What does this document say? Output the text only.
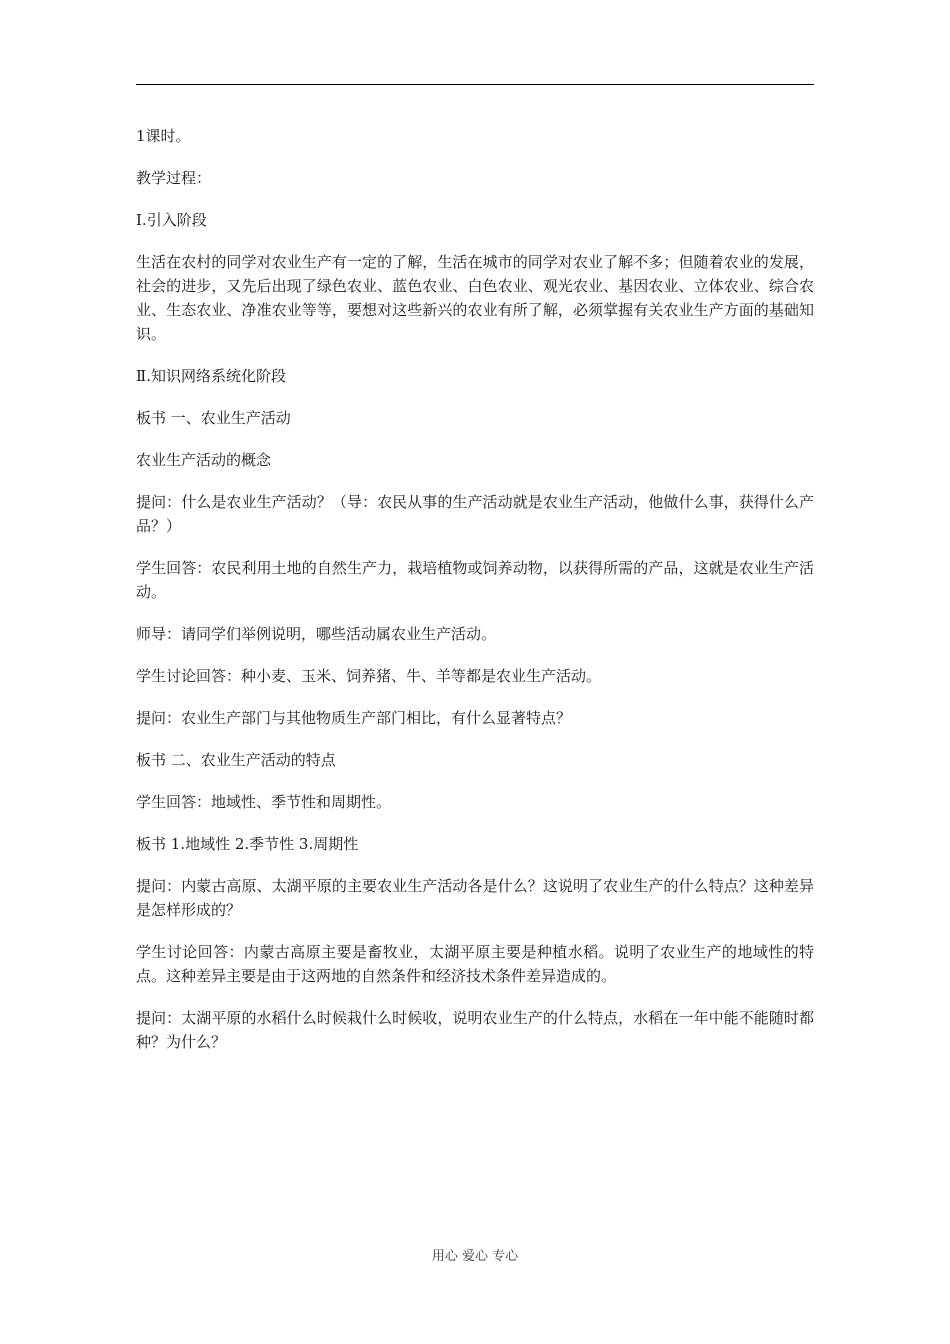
1课时。

教学过程：

Ⅰ.引入阶段

生活在农村的同学对农业生产有一定的了解，生活在城市的同学对农业了解不多；但随着农业的发展，社会的进步，又先后出现了绿色农业、蓝色农业、白色农业、观光农业、基因农业、立体农业、综合农业、生态农业、净准农业等等，要想对这些新兴的农业有所了解，必须掌握有关农业生产方面的基础知识。

Ⅱ.知识网络系统化阶段

板书 一、农业生产活动

农业生产活动的概念

提问：什么是农业生产活动？（导：农民从事的生产活动就是农业生产活动，他做什么事，获得什么产品？）

学生回答：农民利用土地的自然生产力，栽培植物或饲养动物，以获得所需的产品，这就是农业生产活动。

师导：请同学们举例说明，哪些活动属农业生产活动。

学生讨论回答：种小麦、玉米、饲养猪、牛、羊等都是农业生产活动。

提问：农业生产部门与其他物质生产部门相比，有什么显著特点？

板书 二、农业生产活动的特点

学生回答：地域性、季节性和周期性。

板书 1.地域性 2.季节性 3.周期性

提问：内蒙古高原、太湖平原的主要农业生产活动各是什么？这说明了农业生产的什么特点？这种差异是怎样形成的？

学生讨论回答：内蒙古高原主要是畜牧业，太湖平原主要是种植水稻。说明了农业生产的地域性的特点。这种差异主要是由于这两地的自然条件和经济技术条件差异造成的。

提问：太湖平原的水稻什么时候栽什么时候收，说明农业生产的什么特点，水稻在一年中能不能随时都种？为什么？

用心 爱心 专心
